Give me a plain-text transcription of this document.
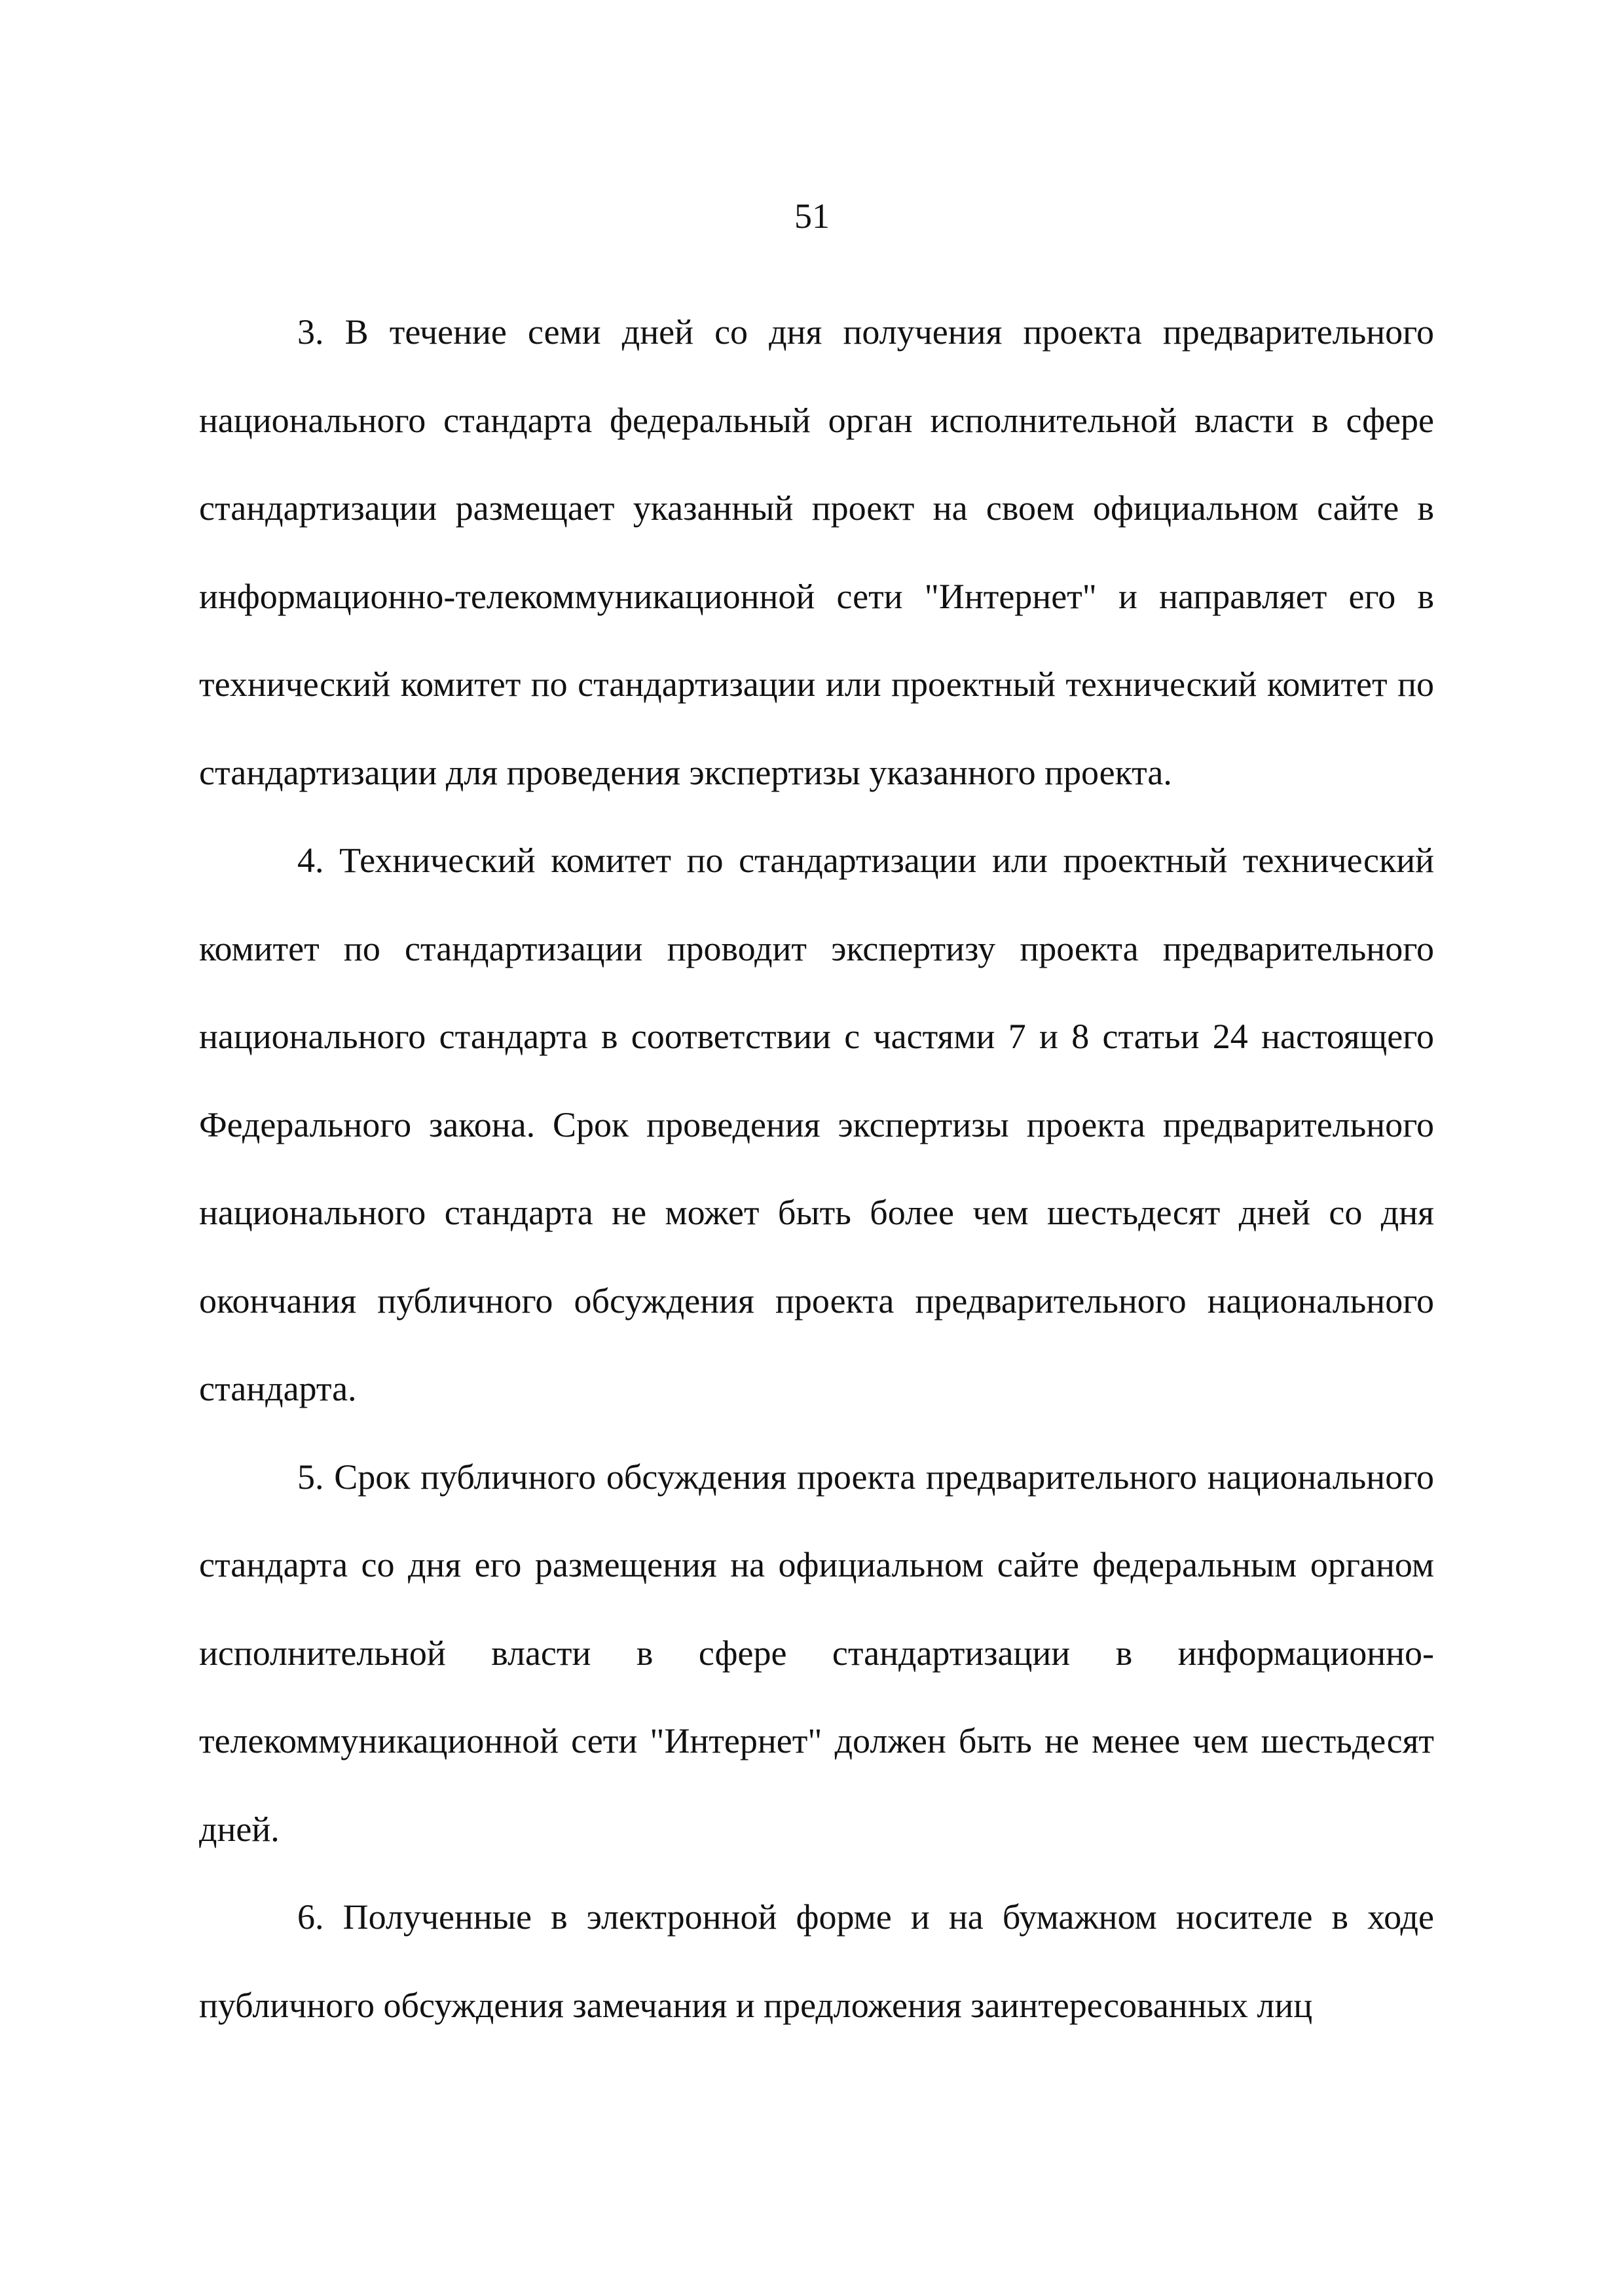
51

3. В течение семи дней со дня получения проекта предварительного национального стандарта федеральный орган исполнительной власти в сфере стандартизации размещает указанный проект на своем официальном сайте в информационно-телекоммуникационной сети "Интернет" и направляет его в технический комитет по стандартизации или проектный технический комитет по стандартизации для проведения экспертизы указанного проекта.

4. Технический комитет по стандартизации или проектный технический комитет по стандартизации проводит экспертизу проекта предварительного национального стандарта в соответствии с частями 7 и 8 статьи 24 настоящего Федерального закона. Срок проведения экспертизы проекта предварительного национального стандарта не может быть более чем шестьдесят дней со дня окончания публичного обсуждения проекта предварительного национального стандарта.

5. Срок публичного обсуждения проекта предварительного национального стандарта со дня его размещения на официальном сайте федеральным органом исполнительной власти в сфере стандартизации в информационно-телекоммуникационной сети "Интернет" должен быть не менее чем шестьдесят дней.

6. Полученные в электронной форме и на бумажном носителе в ходе публичного обсуждения замечания и предложения заинтересованных лиц
